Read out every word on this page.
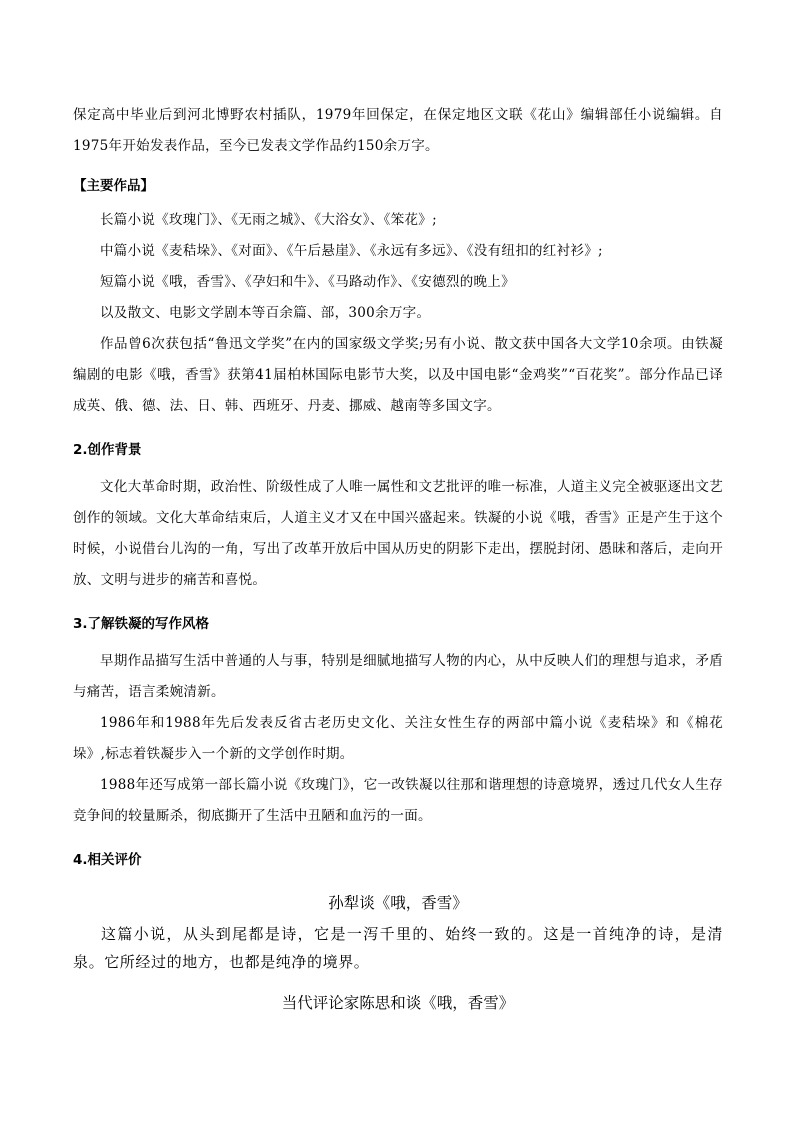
保定高中毕业后到河北博野农村插队，1979年回保定，在保定地区文联《花山》编辑部任小说编辑。自1975年开始发表作品，至今已发表文学作品约150余万字。

【主要作品】

长篇小说《玫瑰门》、《无雨之城》、《大浴女》、《笨花》;

中篇小说《麦秸垛》、《对面》、《午后悬崖》、《永远有多远》、《没有纽扣的红衬衫》;

短篇小说《哦，香雪》、《孕妇和牛》、《马路动作》、《安德烈的晚上》

以及散文、电影文学剧本等百余篇、部，300余万字。

作品曾6次获包括“鲁迅文学奖”在内的国家级文学奖;另有小说、散文获中国各大文学10余项。由铁凝编剧的电影《哦，香雪》获第41届柏林国际电影节大奖，以及中国电影“金鸡奖”“百花奖”。部分作品已译成英、俄、德、法、日、韩、西班牙、丹麦、挪威、越南等多国文字。

2.创作背景

文化大革命时期，政治性、阶级性成了人唯一属性和文艺批评的唯一标准，人道主义完全被驱逐出文艺创作的领域。文化大革命结束后，人道主义才又在中国兴盛起来。铁凝的小说《哦，香雪》正是产生于这个时候，小说借台儿沟的一角，写出了改革开放后中国从历史的阴影下走出，摆脱封闭、愚昧和落后，走向开放、文明与进步的痛苦和喜悦。

3.了解铁凝的写作风格

早期作品描写生活中普通的人与事，特别是细腻地描写人物的内心，从中反映人们的理想与追求，矛盾与痛苦，语言柔婉清新。

1986年和1988年先后发表反省古老历史文化、关注女性生存的两部中篇小说《麦秸垛》和《棉花垛》,标志着铁凝步入一个新的文学创作时期。

1988年还写成第一部长篇小说《玫瑰门》，它一改铁凝以往那和谐理想的诗意境界，透过几代女人生存竞争间的较量厮杀，彻底撕开了生活中丑陋和血污的一面。

4.相关评价
孙犁谈《哦，香雪》

这篇小说，从头到尾都是诗，它是一泻千里的、始终一致的。这是一首纯净的诗，是清泉。它所经过的地方，也都是纯净的境界。

当代评论家陈思和谈《哦，香雪》
